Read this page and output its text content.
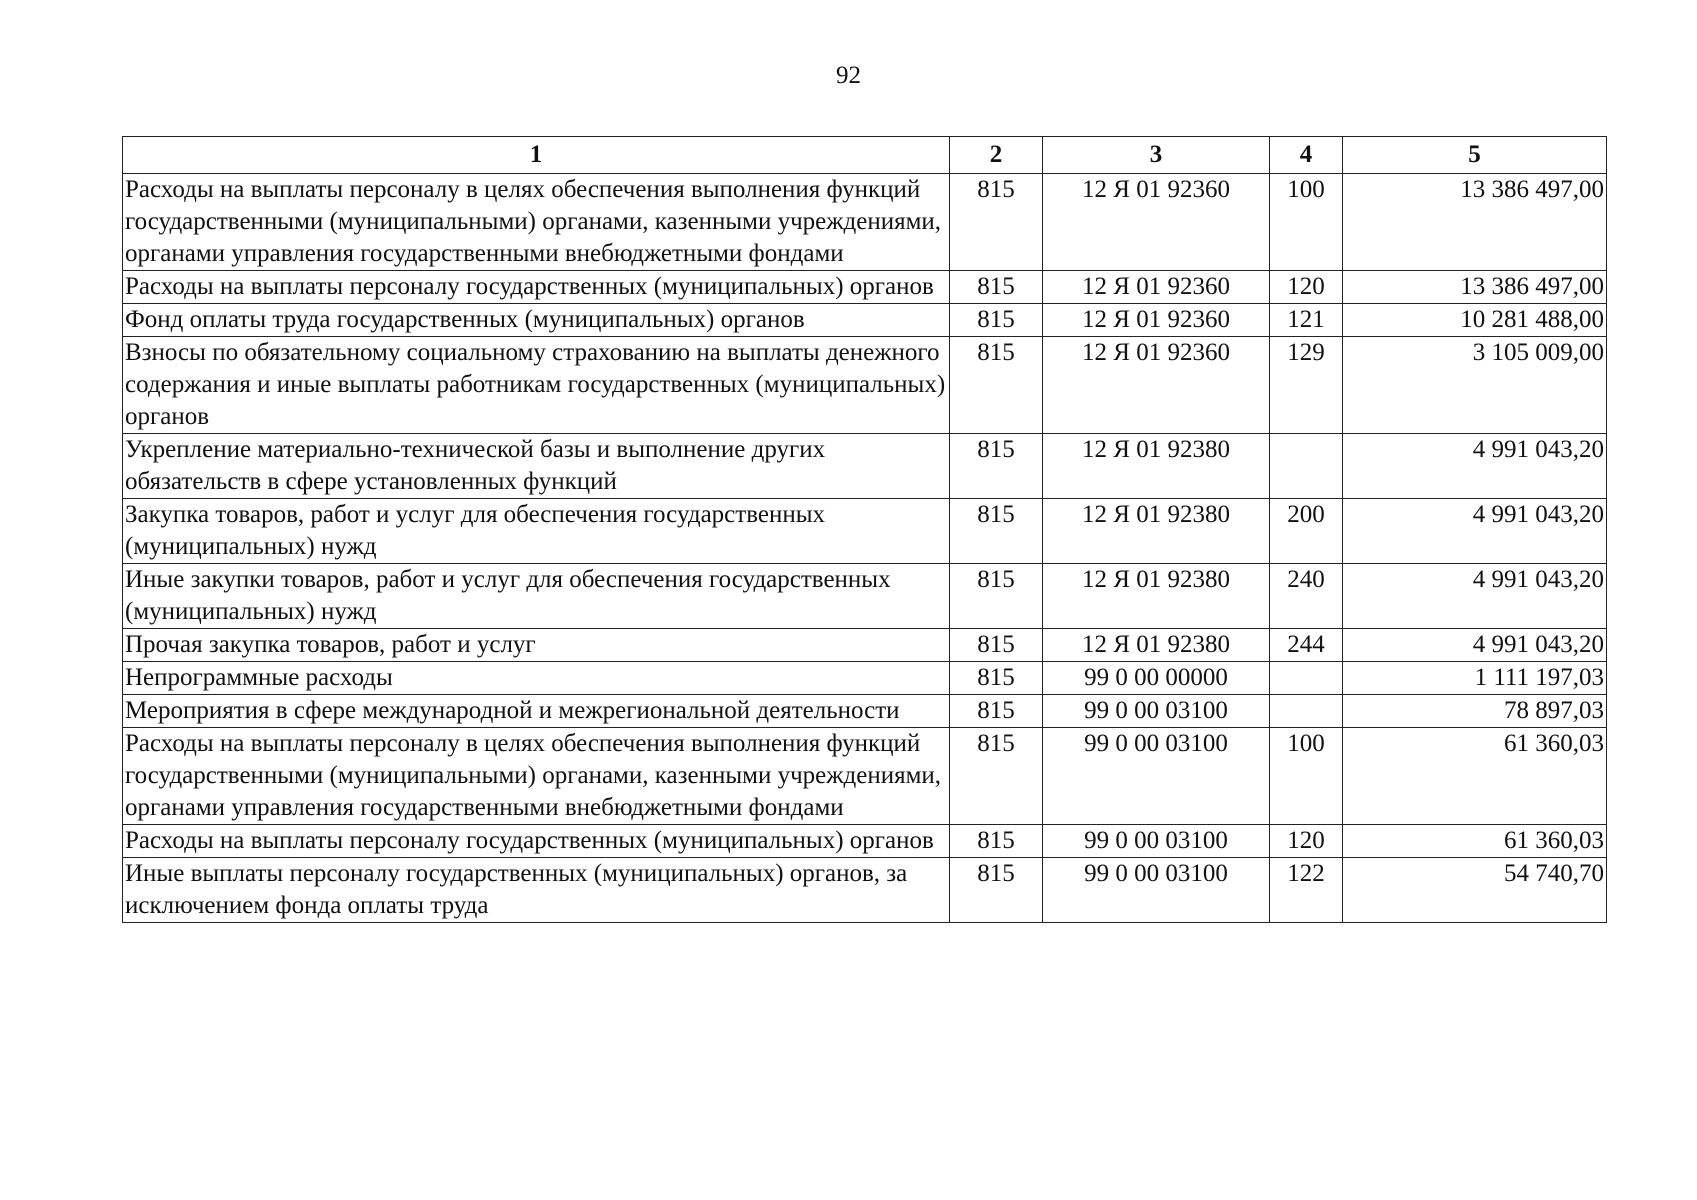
92
1	2	3	4	5
Расходы на выплаты персоналу в целях обеспечения выполнения функций государственными (муниципальными) органами, казенными учреждениями, органами управления государственными внебюджетными фондами	815	12 Я 01 92360	100	13 386 497,00
Расходы на выплаты персоналу государственных (муниципальных) органов	815	12 Я 01 92360	120	13 386 497,00
Фонд оплаты труда государственных (муниципальных) органов	815	12 Я 01 92360	121	10 281 488,00
Взносы по обязательному социальному страхованию на выплаты денежного содержания и иные выплаты работникам государственных (муниципальных) органов	815	12 Я 01 92360	129	3 105 009,00
Укрепление материально-технической базы и выполнение других обязательств в сфере установленных функций	815	12 Я 01 92380		4 991 043,20
Закупка товаров, работ и услуг для обеспечения государственных (муниципальных) нужд	815	12 Я 01 92380	200	4 991 043,20
Иные закупки товаров, работ и услуг для обеспечения государственных (муниципальных) нужд	815	12 Я 01 92380	240	4 991 043,20
Прочая закупка товаров, работ и услуг	815	12 Я 01 92380	244	4 991 043,20
Непрограммные расходы	815	99 0 00 00000		1 111 197,03
Мероприятия в сфере международной и межрегиональной деятельности	815	99 0 00 03100		78 897,03
Расходы на выплаты персоналу в целях обеспечения выполнения функций государственными (муниципальными) органами, казенными учреждениями, органами управления государственными внебюджетными фондами	815	99 0 00 03100	100	61 360,03
Расходы на выплаты персоналу государственных (муниципальных) органов	815	99 0 00 03100	120	61 360,03
Иные выплаты персоналу государственных (муниципальных) органов, за исключением фонда оплаты труда	815	99 0 00 03100	122	54 740,70
